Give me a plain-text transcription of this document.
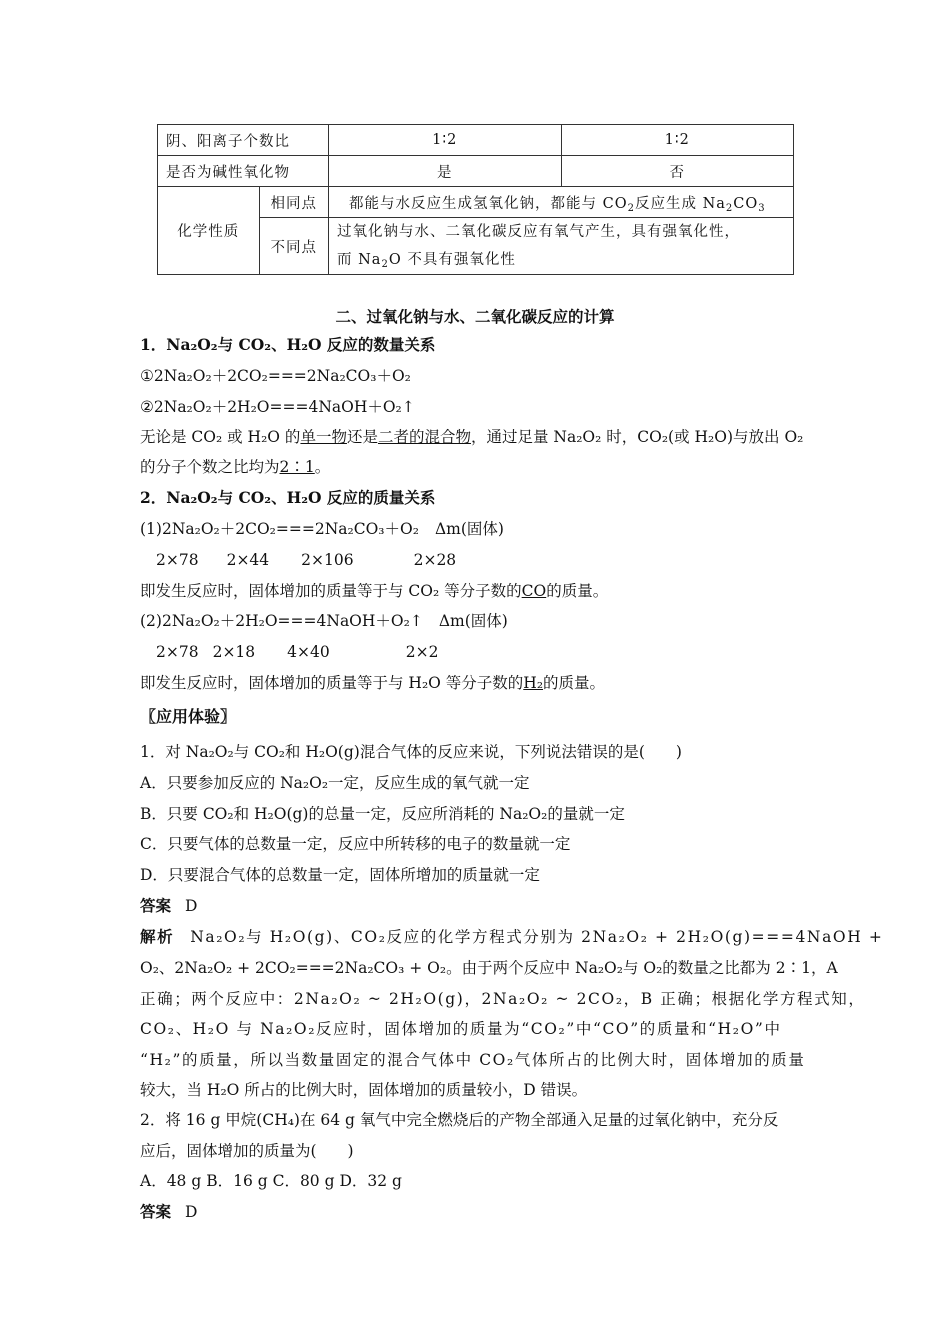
阴、阳离子个数比		1∶2	1∶2
是否为碱性氧化物		是	否
化学性质	相同点	都能与水反应生成氢氧化钠，都能与 $CO_2$反应生成 $Na_2CO_3$
	不同点	过氧化钠与水、二氧化碳反应有氧气产生，具有强氧化性，
而 $Na_2O$ 不具有强氧化性	
二、过氧化钠与水、二氧化碳反应的计算
1．Na₂O₂与 CO₂、H₂O 反应的数量关系
①2Na₂O₂＋2CO₂===2Na₂CO₃＋O₂
②2Na₂O₂＋2H₂O===4NaOH＋O₂↑
无论是 CO₂ 或 H₂O 的单一物还是二者的混合物，通过足量 Na₂O₂ 时，CO₂(或 H₂O)与放出 O₂
的分子个数之比均为2∶1。
2．Na₂O₂与 CO₂、H₂O 反应的质量关系
(1)2Na₂O₂＋2CO₂===2Na₂CO₃＋O₂ Δm(固体)
2×78 2×44 2×106	2×28
即发生反应时，固体增加的质量等于与 CO₂ 等分子数的CO的质量。
(2)2Na₂O₂＋2H₂O===4NaOH＋O₂↑ Δm(固体)
2×78 2×18 4×40	2×2
即发生反应时，固体增加的质量等于与 H₂O 等分子数的H₂的质量。
〖应用体验〗
1．对 Na₂O₂与 CO₂和 H₂O(g)混合气体的反应来说，下列说法错误的是(　　)
A．只要参加反应的 Na₂O₂一定，反应生成的氧气就一定
B．只要 CO₂和 H₂O(g)的总量一定，反应所消耗的 Na₂O₂的量就一定
C．只要气体的总数量一定，反应中所转移的电子的数量就一定
D．只要混合气体的总数量一定，固体所增加的质量就一定
答案 D
解析 Na₂O₂与 H₂O(g)、CO₂反应的化学方程式分别为 2Na₂O₂ + 2H₂O(g)===4NaOH +
O₂、2Na₂O₂ + 2CO₂===2Na₂CO₃ + O₂。由于两个反应中 Na₂O₂与 O₂的数量之比都为 2∶1，A
正确；两个反应中：2Na₂O₂ ~ 2H₂O(g)，2Na₂O₂ ~ 2CO₂，B 正确；根据化学方程式知，
CO₂、H₂O 与 Na₂O₂反应时，固体增加的质量为“CO₂”中“CO”的质量和“H₂O”中
“H₂”的质量，所以当数量固定的混合气体中 CO₂气体所占的比例大时，固体增加的质量
较大，当 H₂O 所占的比例大时，固体增加的质量较小，D 错误。
2．将 16 g 甲烷(CH₄)在 64 g 氧气中完全燃烧后的产物全部通入足量的过氧化钠中，充分反
应后，固体增加的质量为(　　)
A．48 g B．16 g C．80 g D．32 g
答案 D
